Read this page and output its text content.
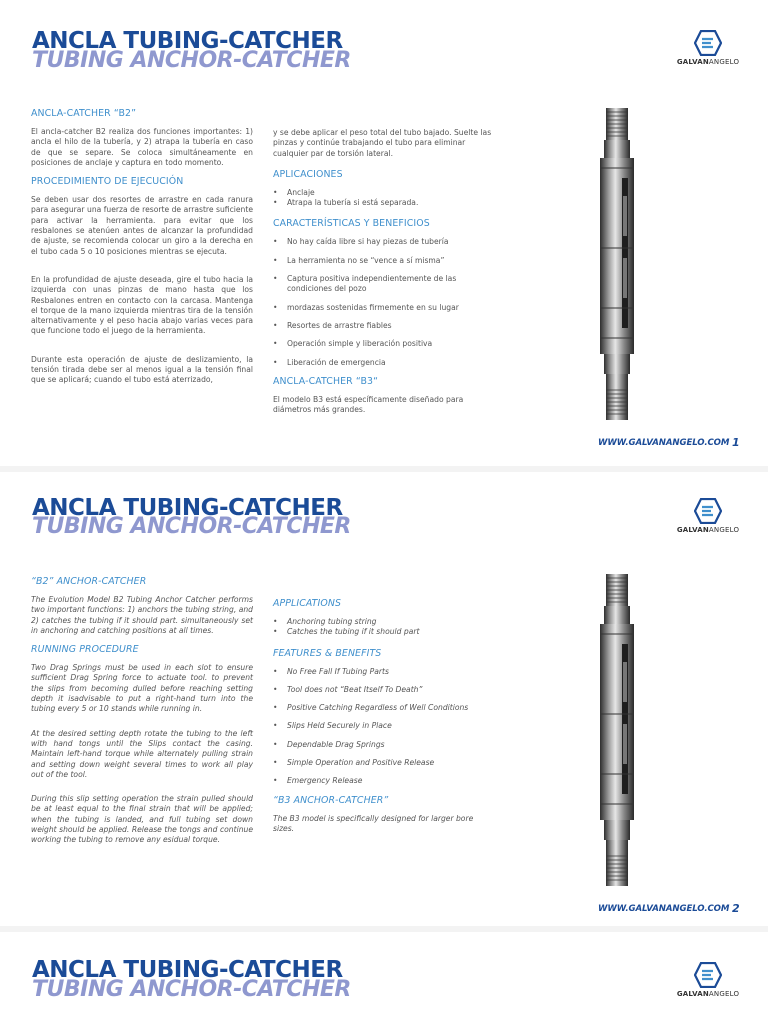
ANCLA TUBING-CATCHER
TUBING ANCHOR-CATCHER	GALVANANGELO
ANCLA-CATCHER “B2”

El ancla-catcher B2 realiza dos funciones importantes: 1) ancla el hilo de la tubería, y 2) atrapa la tubería en caso de que se separe. Se coloca simultáneamente en posiciones de anclaje y captura en todo momento.

PROCEDIMIENTO DE EJECUCIÓN

Se deben usar dos resortes de arrastre en cada ranura para asegurar una fuerza de resorte de arrastre suficiente para activar la herramienta. para evitar que los resbalones se atenúen antes de alcanzar la profundidad de ajuste, se recomienda colocar un giro a la derecha en el tubo cada 5 o 10 posiciones mientras se ejecuta.

En la profundidad de ajuste deseada, gire el tubo hacia la izquierda con unas pinzas de mano hasta que los Resbalones entren en contacto con la carcasa. Mantenga el torque de la mano izquierda mientras tira de la tensión alternativamente y el peso hacia abajo varias veces para que funcione todo el juego de la herramienta.

Durante esta operación de ajuste de deslizamiento, la tensión tirada debe ser al menos igual a la tensión final que se aplicará; cuando el tubo está aterrizado,

y se debe aplicar el peso total del tubo bajado. Suelte las pinzas y continúe trabajando el tubo para eliminar cualquier par de torsión lateral.

APLICACIONES
• Anclaje
• Atrapa la tubería si está separada.
CARACTERÍSTICAS Y BENEFICIOS
• No hay caída libre si hay piezas de tubería
• La herramienta no se “vence a sí misma”
• Captura positiva independientemente de las condiciones del pozo
• mordazas sostenidas firmemente en su lugar
• Resortes de arrastre fiables
• Operación simple y liberación positiva
• Liberación de emergencia
ANCLA-CATCHER “B3“

El modelo B3 está específicamente diseñado para diámetros más grandes.

WWW.GALVANANGELO.COM 1
ANCLA TUBING-CATCHER
TUBING ANCHOR-CATCHER	GALVANANGELO
“B2” ANCHOR-CATCHER

The Evolution Model B2 Tubing Anchor Catcher performs two important functions: 1) anchors the tubing string, and 2) catches the tubing if it should part. simultaneously set in anchoring and catching positions at all times.

RUNNING PROCEDURE

Two Drag Springs must be used in each slot to ensure sufficient Drag Spring force to actuate tool. to prevent the slips from becoming dulled before reaching setting depth it isadvisable to put a right-hand turn into the tubing every 5 or 10 stands while running in.

At the desired setting depth rotate the tubing to the left with hand tongs until the Slips contact the casing. Maintain left-hand torque while alternately pulling strain and setting down weight several times to work all play out of the tool.

During this slip setting operation the strain pulled should be at least equal to the final strain that will be applied; when the tubing is landed, and full tubing set down weight should be applied. Release the tongs and continue working the tubing to remove any esidual torque.

APPLICATIONS
• Anchoring tubing string
• Catches the tubing if it should part
FEATURES & BENEFITS
• No Free Fall If Tubing Parts
• Tool does not “Beat Itself To Death”
• Positive Catching Regardless of Well Conditions
• Slips Held Securely in Place
• Dependable Drag Springs
• Simple Operation and Positive Release
• Emergency Release
“B3 ANCHOR-CATCHER”

The B3 model is specifically designed for larger bore sizes.

WWW.GALVANANGELO.COM 2
ANCLA TUBING-CATCHER
TUBING ANCHOR-CATCHER	GALVANANGELO
